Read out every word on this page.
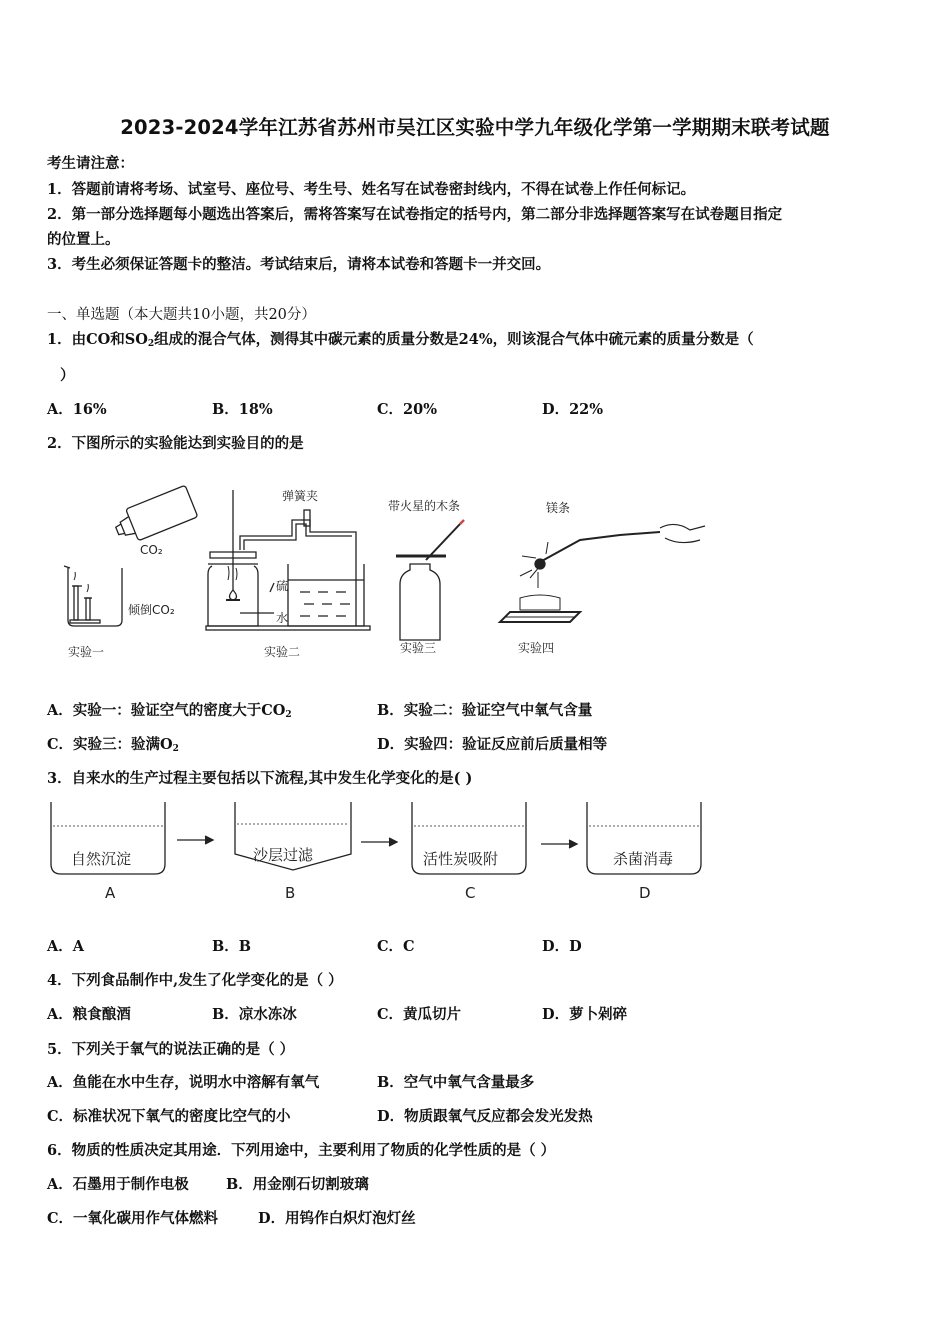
2023-2024学年江苏省苏州市吴江区实验中学九年级化学第一学期期末联考试题
考生请注意：
1．答题前请将考场、试室号、座位号、考生号、姓名写在试卷密封线内，不得在试卷上作任何标记。
2．第一部分选择题每小题选出答案后，需将答案写在试卷指定的括号内，第二部分非选择题答案写在试卷题目指定
的位置上。
3．考生必须保证答题卡的整洁。考试结束后，请将本试卷和答题卡一并交回。
一、单选题（本大题共10小题，共20分）
1．由CO和$SO_2$组成的混合气体，测得其中碳元素的质量分数是24%，则该混合气体中硫元素的质量分数是（
）
A．16%	B．18%	C．20%	D．22%
2．下图所示的实验能达到实验目的的是
CO₂
倾倒CO₂
实验一
弹簧夹
硫
水
实验二
带火星的木条
实验三
镁条
实验四
A．实验一：验证空气的密度大于$CO_2$	B．实验二：验证空气中氧气含量
C．实验三：验满$O_2$	D．实验四：验证反应前后质量相等
3．自来水的生产过程主要包括以下流程,其中发生化学变化的是( )
自然沉淀	沙层过滤	活性炭吸附	杀菌消毒
A	B	C	D
A．A	B．B	C．C	D．D
4．下列食品制作中,发生了化学变化的是（ ）
A．粮食酿酒	B．凉水冻冰	C．黄瓜切片	D．萝卜剁碎
5．下列关于氧气的说法正确的是（ ）
A．鱼能在水中生存，说明水中溶解有氧气	B．空气中氧气含量最多
C．标准状况下氧气的密度比空气的小	D．物质跟氧气反应都会发光发热
6．物质的性质决定其用途．下列用途中，主要利用了物质的化学性质的是（ ）
A．石墨用于制作电极	B．用金刚石切割玻璃
C．一氧化碳用作气体燃料	D．用钨作白炽灯泡灯丝
